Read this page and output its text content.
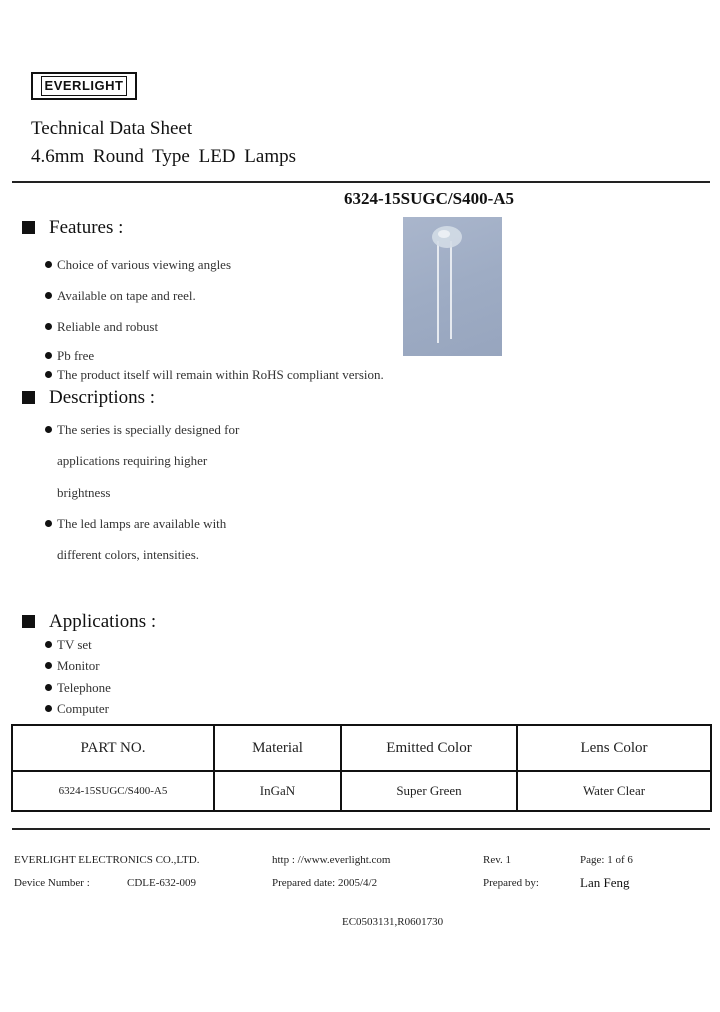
EVERLIGHT
Technical Data Sheet
4.6mm Round Type LED Lamps
6324-15SUGC/S400-A5
Features :
Choice of various viewing angles
Available on tape and reel.
Reliable and robust
Pb free
The product itself will remain within RoHS compliant version.
Descriptions :
The series is specially designed for
applications requiring higher
brightness
The led lamps are available with
different colors, intensities.
Applications :
TV set
Monitor
Telephone
Computer
PART NO.	Material	Emitted Color	Lens Color
6324-15SUGC/S400-A5	InGaN	Super Green	Water Clear
EVERLIGHT ELECTRONICS CO.,LTD.	http : //www.everlight.com	Rev. 1	Page: 1 of 6
Device Number :	CDLE-632-009	Prepared date: 2005/4/2	Prepared by:	Lan Feng
EC0503131,R0601730
